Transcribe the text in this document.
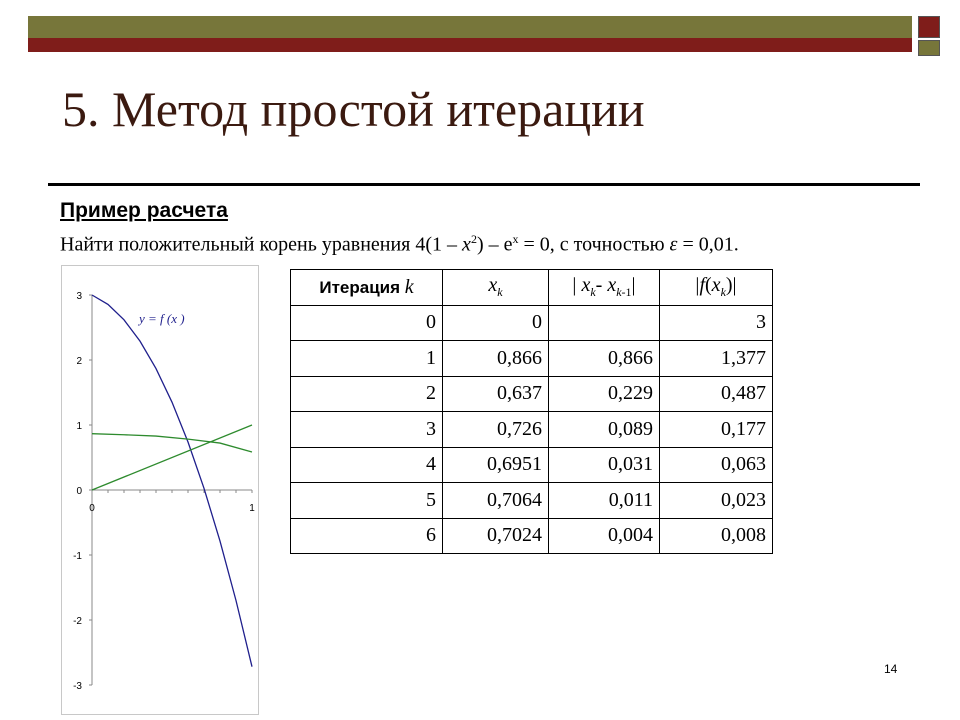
5. Метод простой итерации
Пример расчета
Найти положительный корень уравнения $4(1 - x^2) - e^x = 0$, с точностью ε = 0,01.
3
2
1
0
-1
-2
-3
0	1
y = f (x )
Итерация k	$x_k$	| $x_k-$ $x_{k-1}|$	$|f(x_k)|$
0	0		3
1	0,866	0,866	1,377
2	0,637	0,229	0,487
3	0,726	0,089	0,177
4	0,6951	0,031	0,063
5	0,7064	0,011	0,023
6	0,7024	0,004	0,008
14
